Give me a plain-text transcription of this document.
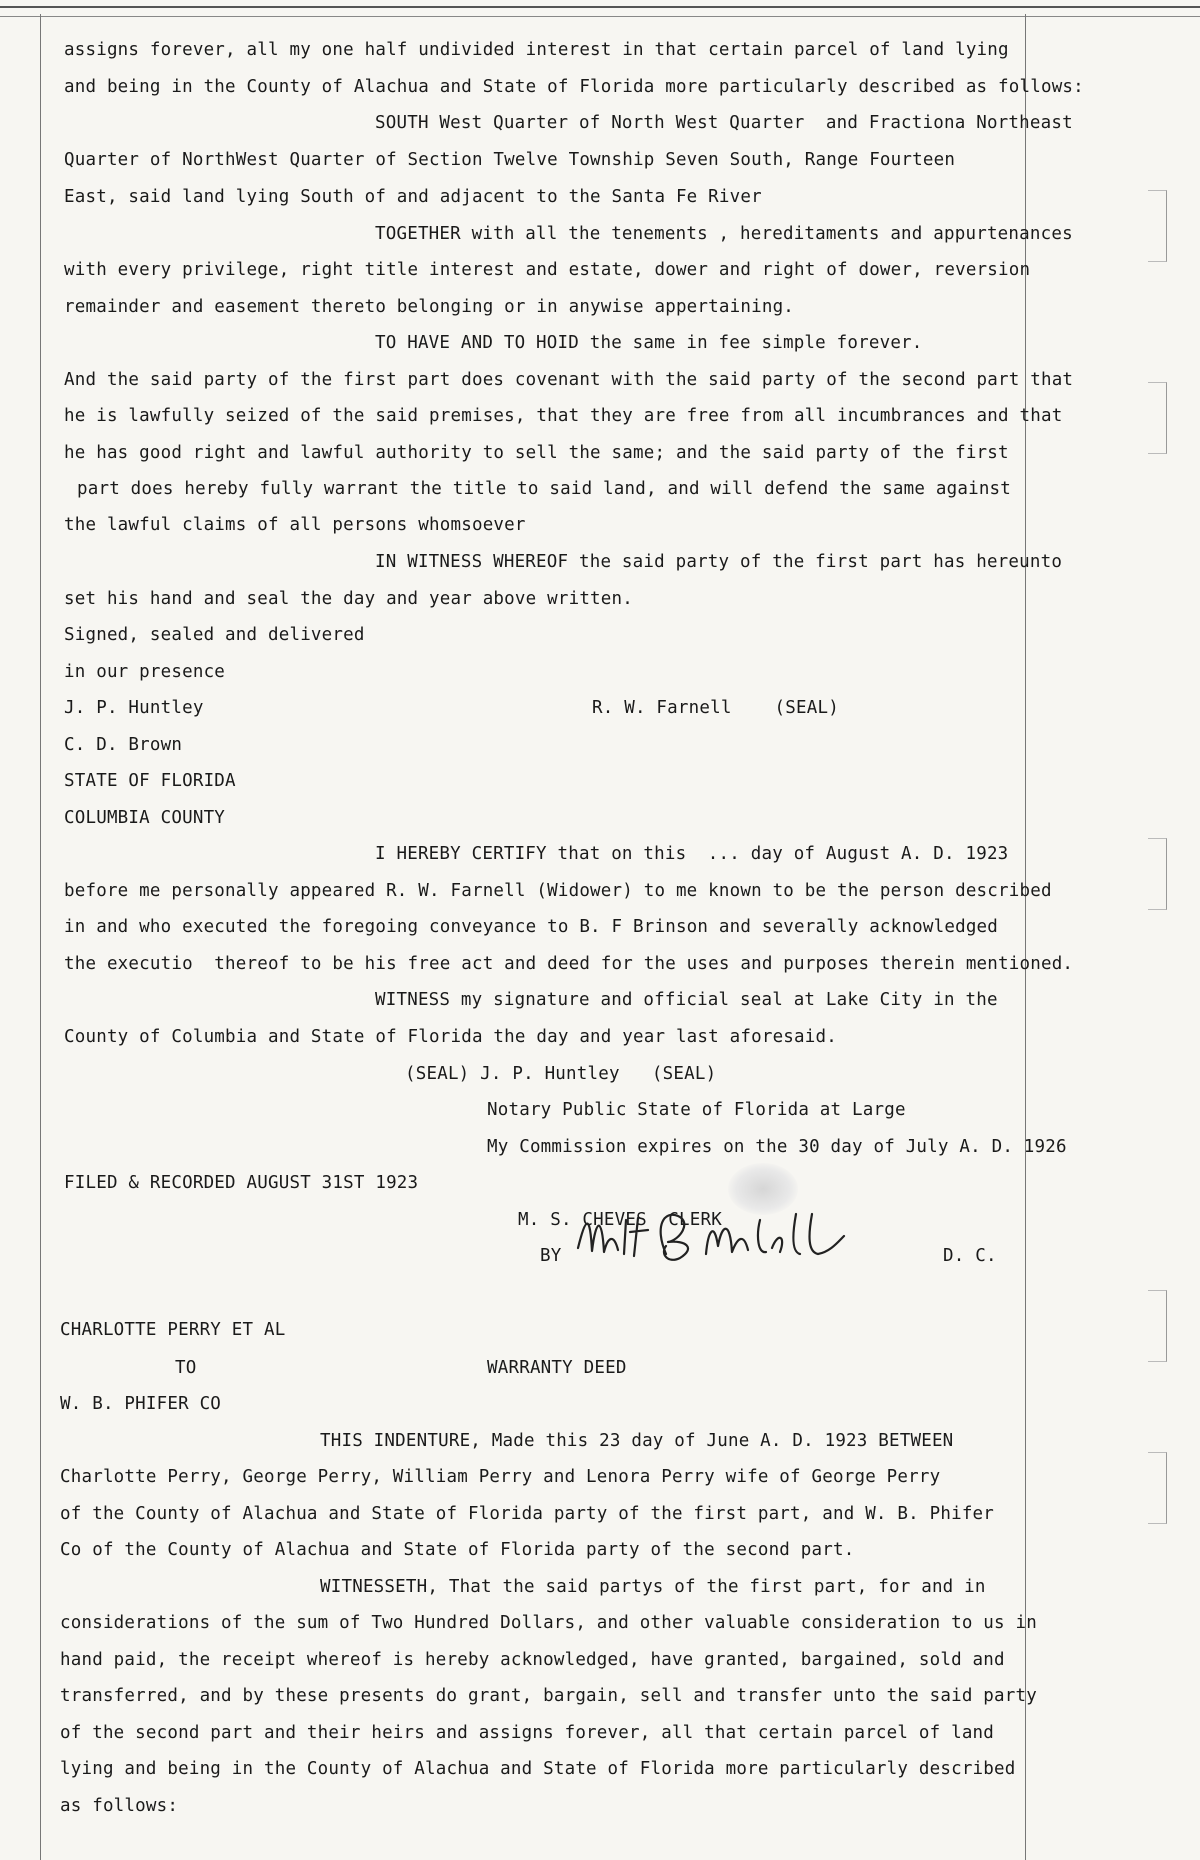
assigns forever, all my one half undivided interest in that certain parcel of land lying
and being in the County of Alachua and State of Florida more particularly described as follows:
SOUTH West Quarter of North West Quarter  and Fractiona Northeast
Quarter of NorthWest Quarter of Section Twelve Township Seven South, Range Fourteen
East, said land lying South of and adjacent to the Santa Fe River
TOGETHER with all the tenements , hereditaments and appurtenances
with every privilege, right title interest and estate, dower and right of dower, reversion
remainder and easement thereto belonging or in anywise appertaining.
TO HAVE AND TO HOID the same in fee simple forever.
And the said party of the first part does covenant with the said party of the second part that
he is lawfully seized of the said premises, that they are free from all incumbrances and that
he has good right and lawful authority to sell the same; and the said party of the first
part does hereby fully warrant the title to said land, and will defend the same against
the lawful claims of all persons whomsoever
IN WITNESS WHEREOF the said party of the first part has hereunto
set his hand and seal the day and year above written.
Signed, sealed and delivered
in our presence
J. P. Huntley	R. W. Farnell    (SEAL)
C. D. Brown
STATE OF FLORIDA
COLUMBIA COUNTY
I HEREBY CERTIFY that on this  ... day of August A. D. 1923
before me personally appeared R. W. Farnell (Widower) to me known to be the person described
in and who executed the foregoing conveyance to B. F Brinson and severally acknowledged
the executio  thereof to be his free act and deed for the uses and purposes therein mentioned.
WITNESS my signature and official seal at Lake City in the
County of Columbia and State of Florida the day and year last aforesaid.
(SEAL) J. P. Huntley   (SEAL)
Notary Public State of Florida at Large
My Commission expires on the 30 day of July A. D. 1926
FILED & RECORDED AUGUST 31ST 1923
M. S. CHEVES  CLERK
BY	D. C.
CHARLOTTE PERRY ET AL
TO	WARRANTY DEED
W. B. PHIFER CO
THIS INDENTURE, Made this 23 day of June A. D. 1923 BETWEEN
Charlotte Perry, George Perry, William Perry and Lenora Perry wife of George Perry
of the County of Alachua and State of Florida party of the first part, and W. B. Phifer
Co of the County of Alachua and State of Florida party of the second part.
WITNESSETH, That the said partys of the first part, for and in
considerations of the sum of Two Hundred Dollars, and other valuable consideration to us in
hand paid, the receipt whereof is hereby acknowledged, have granted, bargained, sold and
transferred, and by these presents do grant, bargain, sell and transfer unto the said party
of the second part and their heirs and assigns forever, all that certain parcel of land
lying and being in the County of Alachua and State of Florida more particularly described
as follows:
